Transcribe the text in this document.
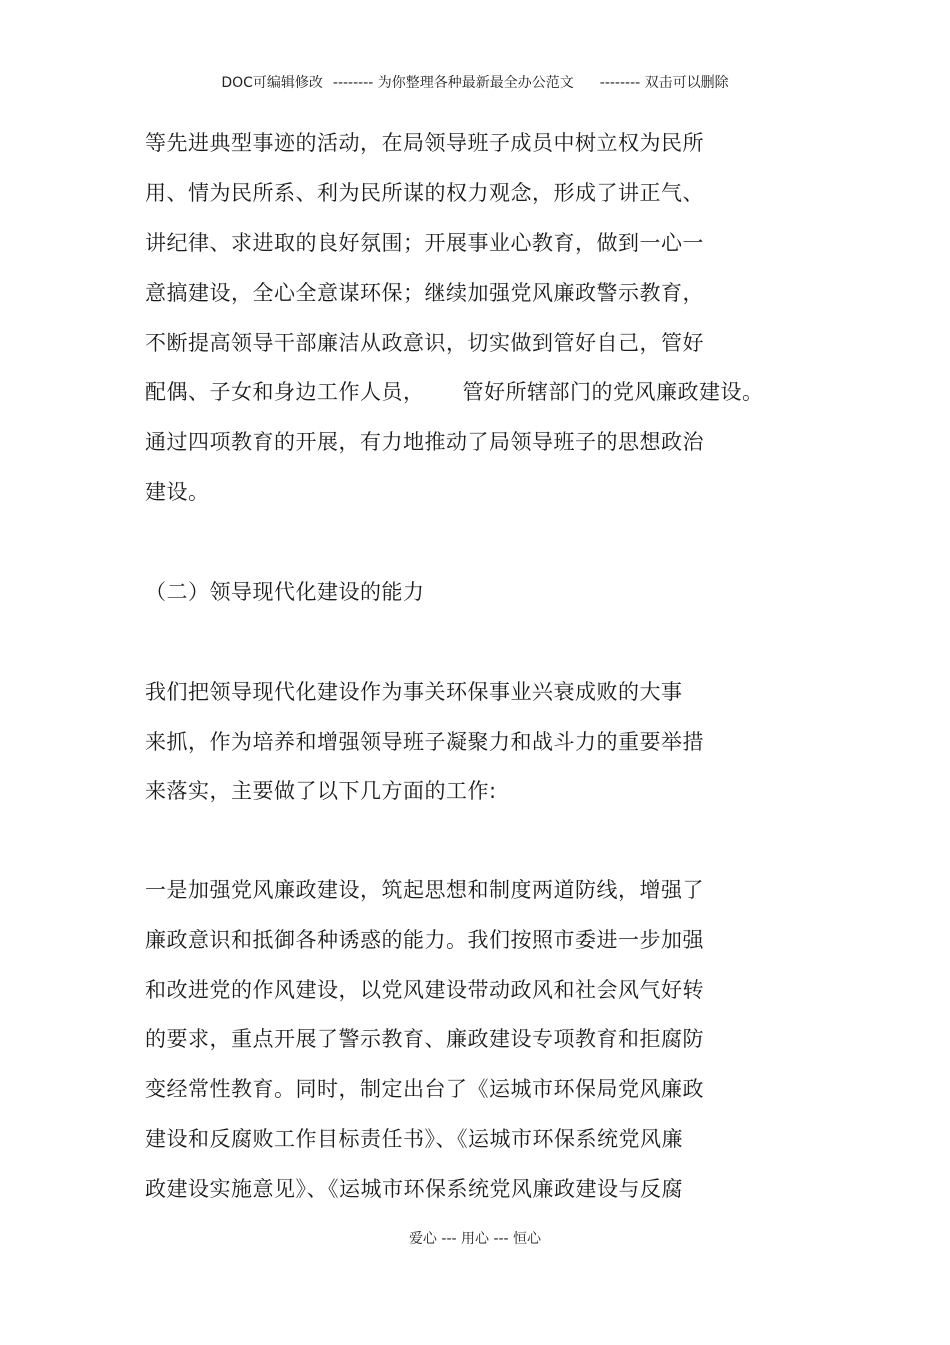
DOC可编辑修改 -------- 为你整理各种最新最全办公范文 -------- 双击可以删除
等先进典型事迹的活动，在局领导班子成员中树立权为民所
用、情为民所系、利为民所谋的权力观念，形成了讲正气、
讲纪律、求进取的良好氛围；开展事业心教育，做到一心一
意搞建设，全心全意谋环保；继续加强党风廉政警示教育，
不断提高领导干部廉洁从政意识，切实做到管好自己，管好
配偶、子女和身边工作人员， 管好所辖部门的党风廉政建设。
通过四项教育的开展，有力地推动了局领导班子的思想政治
建设。
（二）领导现代化建设的能力
我们把领导现代化建设作为事关环保事业兴衰成败的大事
来抓，作为培养和增强领导班子凝聚力和战斗力的重要举措
来落实，主要做了以下几方面的工作:
一是加强党风廉政建设，筑起思想和制度两道防线，增强了
廉政意识和抵御各种诱惑的能力。我们按照市委进一步加强
和改进党的作风建设，以党风建设带动政风和社会风气好转
的要求，重点开展了警示教育、廉政建设专项教育和拒腐防
变经常性教育。同时，制定出台了《运城市环保局党风廉政
建设和反腐败工作目标责任书》、《运城市环保系统党风廉
政建设实施意见》、《运城市环保系统党风廉政建设与反腐
爱心 --- 用心 --- 恒心
